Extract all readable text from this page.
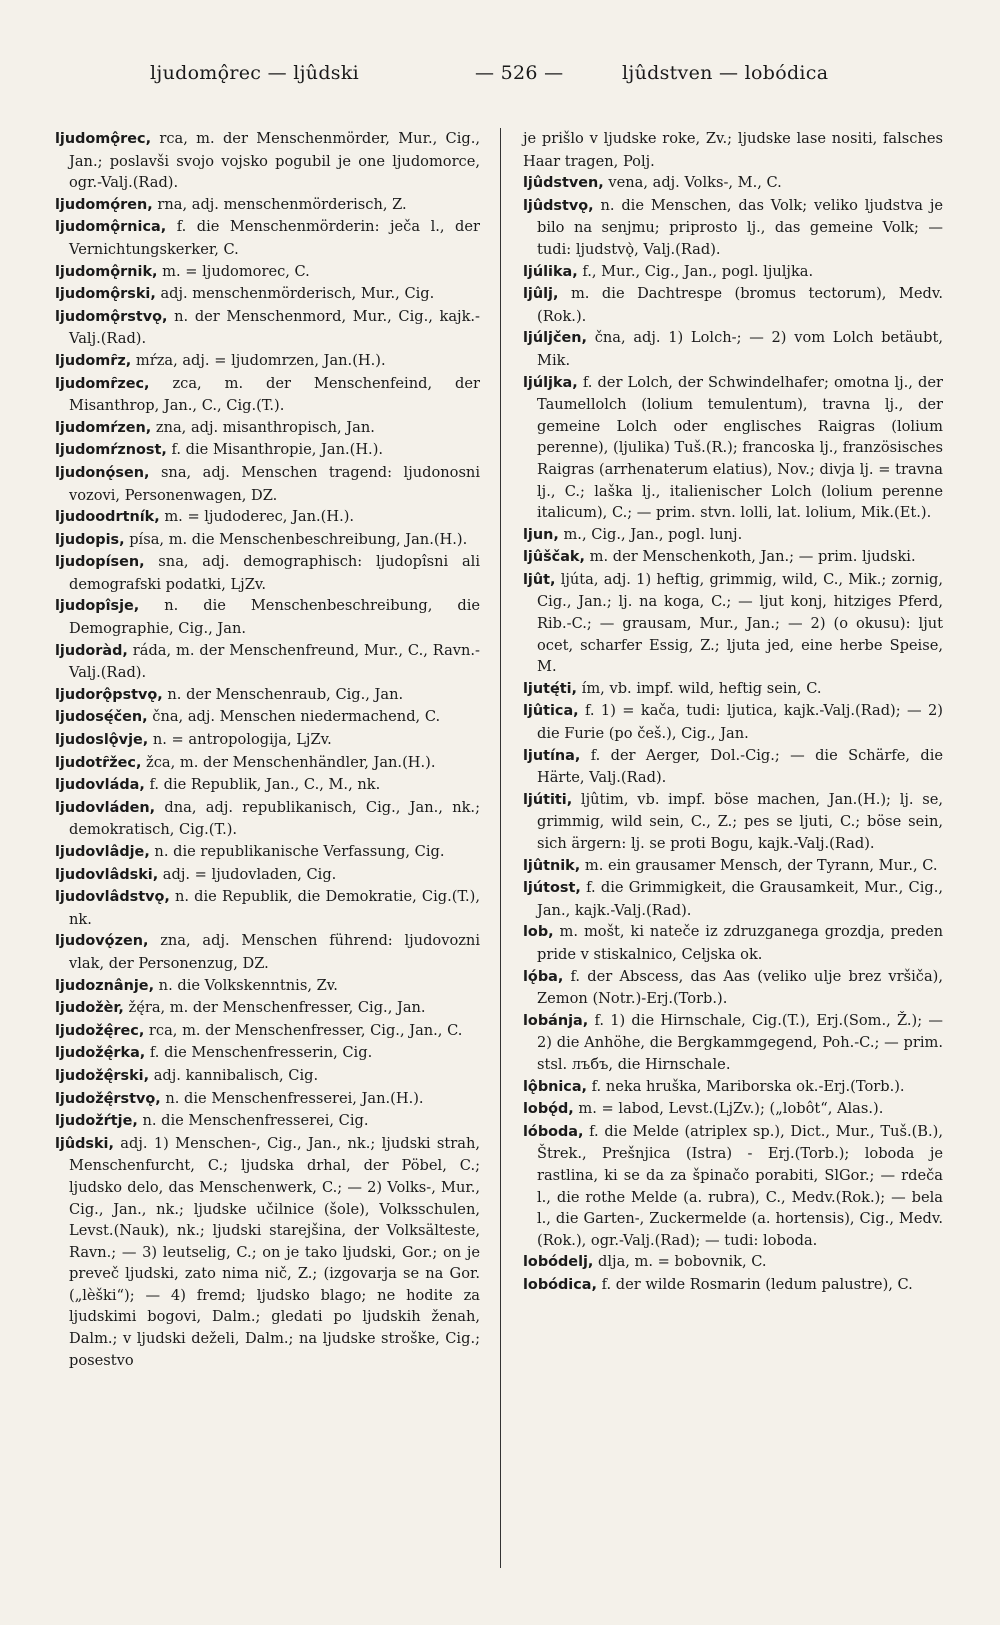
ljudomǫ̂rec — ljûdski	— 526 —	ljûdstven — lobódica

ljudomǫ̂rec, rca, m. der Menschenmörder, Mur., Cig., Jan.; poslavši svojo vojsko pogubil je one ljudomorce, ogr.-Valj.(Rad).

ljudomǫ́ren, rna, adj. menschenmörderisch, Z.

ljudomǫ̂rnica, f. die Menschenmörderin: ječa l., der Vernichtungskerker, C.

ljudomǫ̂rnik, m. = ljudomorec, C.

ljudomǫ̂rski, adj. menschenmörderisch, Mur., Cig.

ljudomǫ̂rstvǫ, n. der Menschenmord, Mur., Cig., kajk.-Valj.(Rad).

ljudomȓz, mŕza, adj. = ljudomrzen, Jan.(H.).

ljudomȓzec, zca, m. der Menschenfeind, der Misanthrop, Jan., C., Cig.(T.).

ljudomŕzen, zna, adj. misanthropisch, Jan.

ljudomŕznost, f. die Misanthropie, Jan.(H.).

ljudonǫ́sen, sna, adj. Menschen tragend: ljudonosni vozovi, Personenwagen, DZ.

ljudoodrtník, m. = ljudoderec, Jan.(H.).

ljudopis, písa, m. die Menschenbeschreibung, Jan.(H.).

ljudopísen, sna, adj. demographisch: ljudopîsni ali demografski podatki, LjZv.

ljudopîsje, n. die Menschenbeschreibung, die Demographie, Cig., Jan.

ljudoràd, ráda, m. der Menschenfreund, Mur., C., Ravn.-Valj.(Rad).

ljudorǫ̂pstvǫ, n. der Menschenraub, Cig., Jan.

ljudosę́čen, čna, adj. Menschen niedermachend, C.

ljudoslǫ̂vje, n. = antropologija, LjZv.

ljudotȓžec, žca, m. der Menschenhändler, Jan.(H.).

ljudovláda, f. die Republik, Jan., C., M., nk.

ljudovláden, dna, adj. republikanisch, Cig., Jan., nk.; demokratisch, Cig.(T.).

ljudovlâdje, n. die republikanische Verfassung, Cig.

ljudovlâdski, adj. = ljudovladen, Cig.

ljudovlâdstvǫ, n. die Republik, die Demokratie, Cig.(T.), nk.

ljudovǫ́zen, zna, adj. Menschen führend: ljudovozni vlak, der Personenzug, DZ.

ljudoznânje, n. die Volkskenntnis, Zv.

ljudožèr, žę́ra, m. der Menschenfresser, Cig., Jan.

ljudožę̂rec, rca, m. der Menschenfresser, Cig., Jan., C.

ljudožę̂rka, f. die Menschenfresserin, Cig.

ljudožę̂rski, adj. kannibalisch, Cig.

ljudožę̂rstvǫ, n. die Menschenfresserei, Jan.(H.).

ljudožŕtje, n. die Menschenfresserei, Cig.

ljûdski, adj. 1) Menschen-, Cig., Jan., nk.; ljudski strah, Menschenfurcht, C.; ljudska drhal, der Pöbel, C.; ljudsko delo, das Menschenwerk, C.; — 2) Volks-, Mur., Cig., Jan., nk.; ljudske učilnice (šole), Volksschulen, Levst.(Nauk), nk.; ljudski starejšina, der Volksälteste, Ravn.; — 3) leutselig, C.; on je tako ljudski, Gor.; on je preveč ljudski, zato nima nič, Z.; (izgovarja se na Gor. („lèški“); — 4) fremd; ljudsko blago; ne hodite za ljudskimi bogovi, Dalm.; gledati po ljudskih ženah, Dalm.; v ljudski deželi, Dalm.; na ljudske stroške, Cig.; posestvo

je prišlo v ljudske roke, Zv.; ljudske lase nositi, falsches Haar tragen, Polj.

ljûdstven, vena, adj. Volks-, M., C.

ljûdstvǫ, n. die Menschen, das Volk; veliko ljudstva je bilo na senjmu; priprosto lj., das gemeine Volk; — tudi: ljudstvǫ̀, Valj.(Rad).

ljúlika, f., Mur., Cig., Jan., pogl. ljuljka.

ljûlj, m. die Dachtrespe (bromus tectorum), Medv.(Rok.).

ljúljčen, čna, adj. 1) Lolch-; — 2) vom Lolch betäubt, Mik.

ljúljka, f. der Lolch, der Schwindelhafer; omotna lj., der Taumellolch (lolium temulentum), travna lj., der gemeine Lolch oder englisches Raigras (lolium perenne), (ljulika) Tuš.(R.); francoska lj., französisches Raigras (arrhenaterum elatius), Nov.; divja lj. = travna lj., C.; laška lj., italienischer Lolch (lolium perenne italicum), C.; — prim. stvn. lolli, lat. lolium, Mik.(Et.).

ljun, m., Cig., Jan., pogl. lunj.

ljûščak, m. der Menschenkoth, Jan.; — prim. ljudski.

ljût, ljúta, adj. 1) heftig, grimmig, wild, C., Mik.; zornig, Cig., Jan.; lj. na koga, C.; — ljut konj, hitziges Pferd, Rib.-C.; — grausam, Mur., Jan.; — 2) (o okusu): ljut ocet, scharfer Essig, Z.; ljuta jed, eine herbe Speise, M.

ljutę́ti, ím, vb. impf. wild, heftig sein, C.

ljûtica, f. 1) = kača, tudi: ljutica, kajk.-Valj.(Rad); — 2) die Furie (po češ.), Cig., Jan.

ljutína, f. der Aerger, Dol.-Cig.; — die Schärfe, die Härte, Valj.(Rad).

ljútiti, ljûtim, vb. impf. böse machen, Jan.(H.); lj. se, grimmig, wild sein, C., Z.; pes se ljuti, C.; böse sein, sich ärgern: lj. se proti Bogu, kajk.-Valj.(Rad).

ljûtnik, m. ein grausamer Mensch, der Tyrann, Mur., C.

ljútost, f. die Grimmigkeit, die Grausamkeit, Mur., Cig., Jan., kajk.-Valj.(Rad).

lob, m. mošt, ki nateče iz zdruzganega grozdja, preden pride v stiskalnico, Celjska ok.

lǫ́ba, f. der Abscess, das Aas (veliko ulje brez vršiča), Zemon (Notr.)-Erj.(Torb.).

lobánja, f. 1) die Hirnschale, Cig.(T.), Erj.(Som., Ž.); — 2) die Anhöhe, die Bergkammgegend, Poh.-C.; — prim. stsl. лъбъ, die Hirnschale.

lǫ̂bnica, f. neka hruška, Mariborska ok.-Erj.(Torb.).

lobǫ́d, m. = labod, Levst.(LjZv.); („lobôt“, Alas.).

lóboda, f. die Melde (atriplex sp.), Dict., Mur., Tuš.(B.), Štrek., Prešnjica (Istra) - Erj.(Torb.); loboda je rastlina, ki se da za špinačo porabiti, SlGor.; — rdeča l., die rothe Melde (a. rubra), C., Medv.(Rok.); — bela l., die Garten-, Zuckermelde (a. hortensis), Cig., Medv.(Rok.), ogr.-Valj.(Rad); — tudi: loboda.

lobódelj, dlja, m. = bobovnik, C.

lobódica, f. der wilde Rosmarin (ledum palustre), C.
